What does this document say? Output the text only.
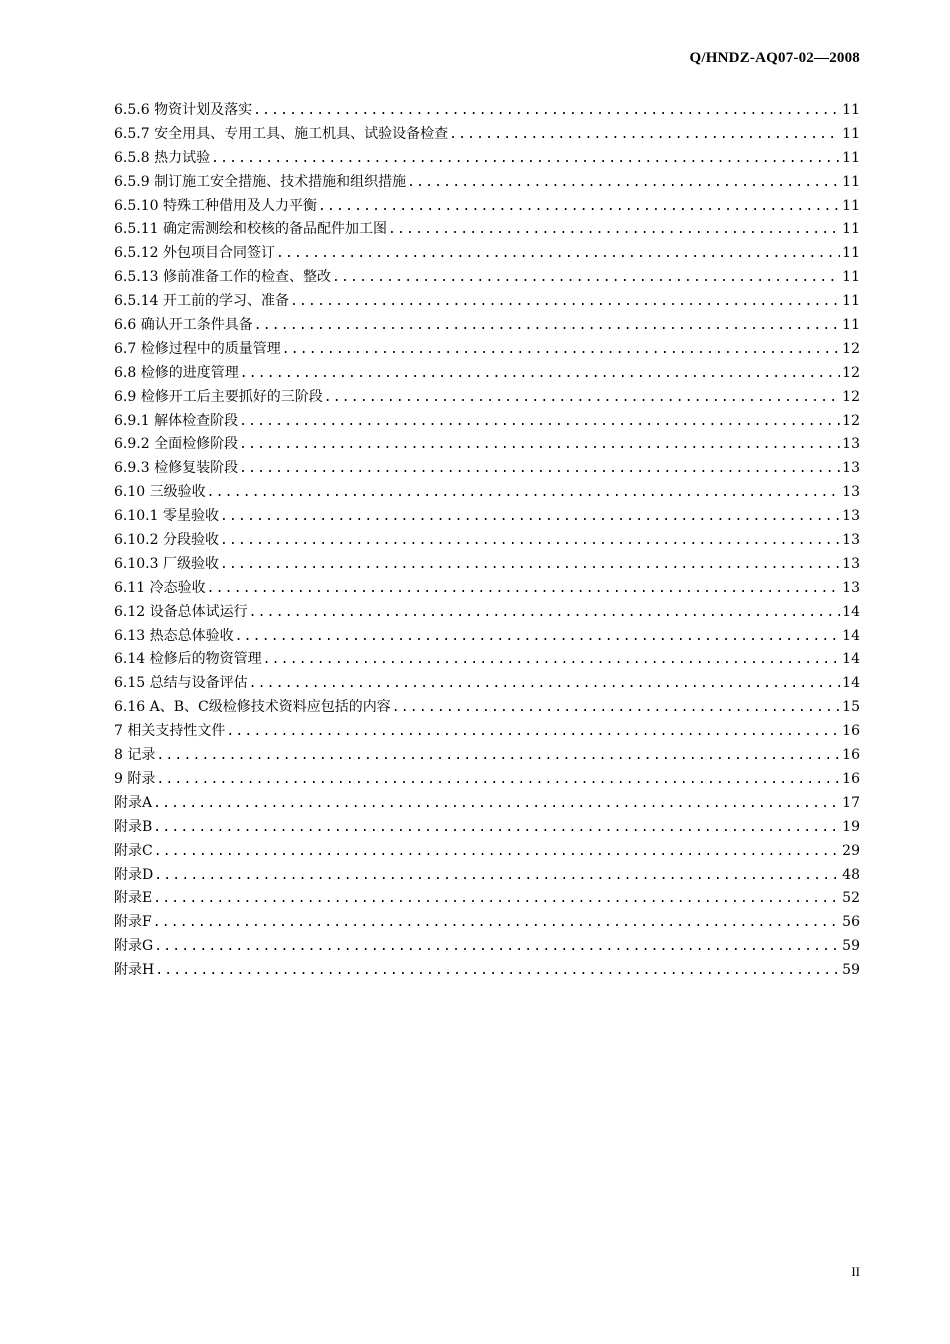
Q/HNDZ-AQ07-02—2008
6.5.6 物资计划及落实 .....	11
6.5.7 安全用具、专用工具、施工机具、试验设备检查 .....	11
6.5.8 热力试验 .....	11
6.5.9 制订施工安全措施、技术措施和组织措施 .....	11
6.5.10 特殊工种借用及人力平衡 .....	11
6.5.11 确定需测绘和校核的备品配件加工图 .....	11
6.5.12 外包项目合同签订 .....	11
6.5.13 修前准备工作的检查、整改 .....	11
6.5.14 开工前的学习、准备 .....	11
6.6 确认开工条件具备 .....	11
6.7 检修过程中的质量管理 .....	12
6.8 检修的进度管理 .....	12
6.9 检修开工后主要抓好的三阶段 .....	12
6.9.1 解体检查阶段 .....	12
6.9.2 全面检修阶段 .....	13
6.9.3 检修复装阶段 .....	13
6.10 三级验收 .....	13
6.10.1 零星验收 .....	13
6.10.2 分段验收 .....	13
6.10.3 厂级验收 .....	13
6.11 冷态验收 .....	13
6.12 设备总体试运行 .....	14
6.13 热态总体验收 .....	14
6.14 检修后的物资管理 .....	14
6.15 总结与设备评估 .....	14
6.16 A、B、C级检修技术资料应包括的内容 .....	15
7 相关支持性文件 .....	16
8 记录 .....	16
9 附录 .....	16
附录A .....	17
附录B .....	19
附录C .....	29
附录D .....	48
附录E .....	52
附录F .....	56
附录G .....	59
附录H .....	59
II
